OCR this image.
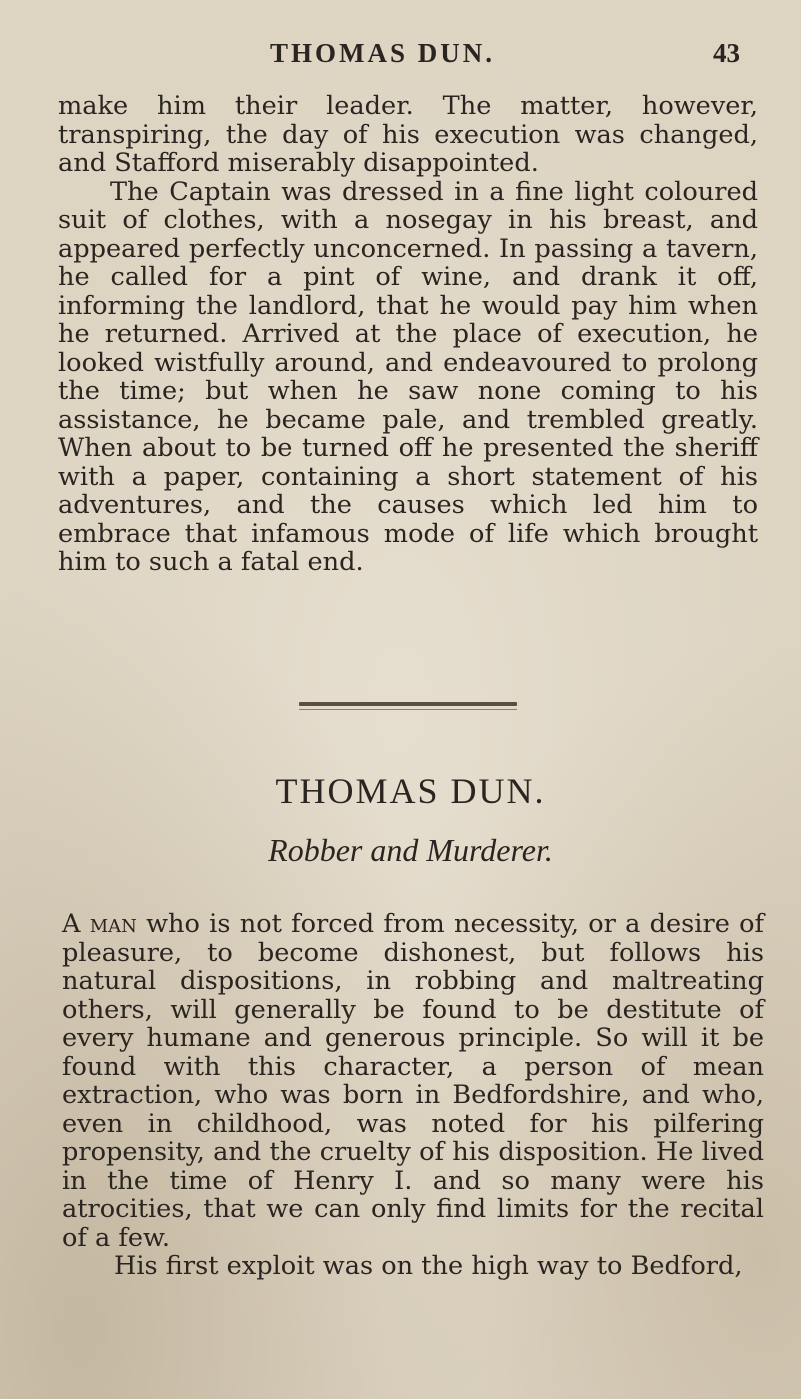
THOMAS DUN.	43

make him their leader. The matter, however, transpiring, the day of his execution was changed, and Stafford miserably disappointed.

The Captain was dressed in a fine light coloured suit of clothes, with a nosegay in his breast, and appeared perfectly unconcerned. In passing a tavern, he called for a pint of wine, and drank it off, informing the landlord, that he would pay him when he returned. Arrived at the place of execution, he looked wistfully around, and endeavoured to prolong the time; but when he saw none coming to his assistance, he became pale, and trembled greatly. When about to be turned off he presented the sheriff with a paper, containing a short statement of his adventures, and the causes which led him to embrace that infamous mode of life which brought him to such a fatal end.

THOMAS DUN.
Robber and Murderer.

A man who is not forced from necessity, or a desire of pleasure, to become dishonest, but follows his natural dispositions, in robbing and maltreating others, will generally be found to be destitute of every humane and generous principle. So will it be found with this character, a person of mean extraction, who was born in Bedfordshire, and who, even in childhood, was noted for his pilfering propensity, and the cruelty of his disposition. He lived in the time of Henry I. and so many were his atrocities, that we can only find limits for the recital of a few.

His first exploit was on the high way to Bedford,
